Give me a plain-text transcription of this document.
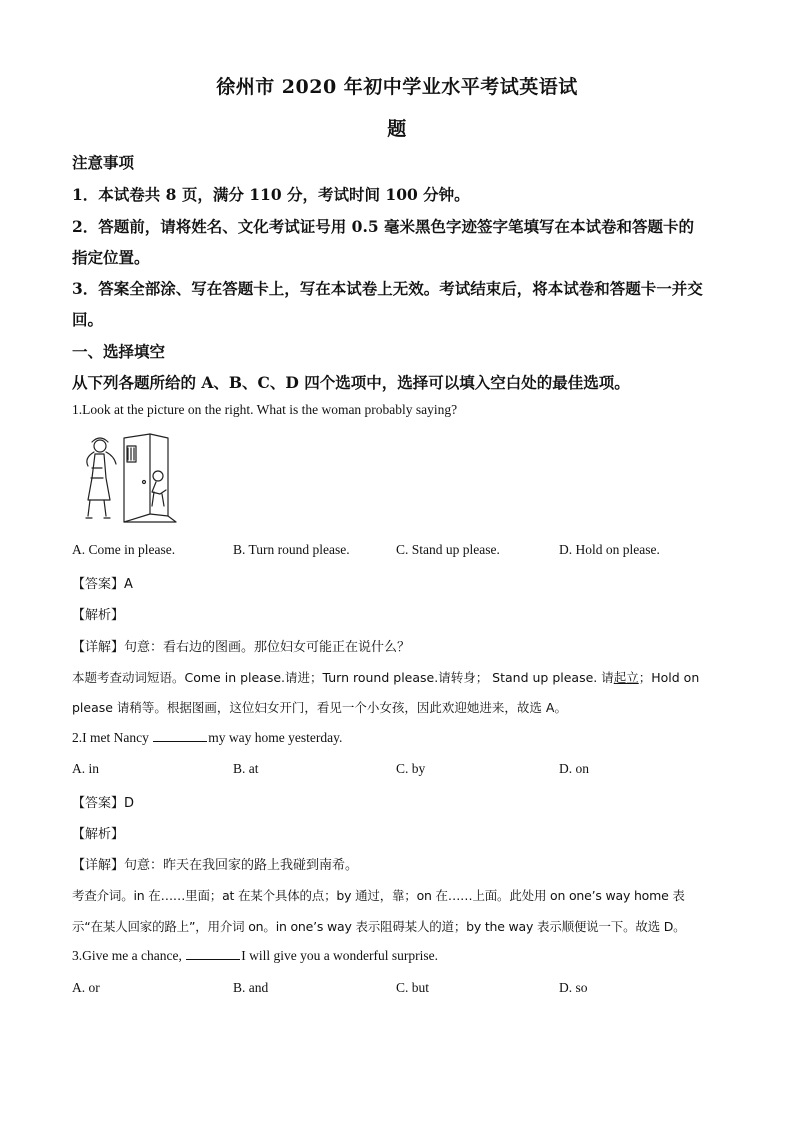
徐州市 2020 年初中学业水平考试英语试
题
注意事项
1．本试卷共 8 页，满分 110 分，考试时间 100 分钟。
2．答题前，请将姓名、文化考试证号用 0.5 毫米黑色字迹签字笔填写在本试卷和答题卡的
指定位置。
3．答案全部涂、写在答题卡上，写在本试卷上无效。考试结束后，将本试卷和答题卡一并交
回。
一、选择填空
从下列各题所给的 A、B、C、D 四个选项中，选择可以填入空白处的最佳选项。
1.Look at the picture on the right. What is the woman probably saying?
A. Come in please.	B. Turn round please.	C. Stand up please.	D. Hold on please.
【答案】A
【解析】
【详解】句意：看右边的图画。那位妇女可能正在说什么？
本题考查动词短语。Come in please.请进；Turn round please.请转身； Stand up please. 请起立；Hold on
please 请稍等。根据图画，这位妇女开门，看见一个小女孩，因此欢迎她进来，故选 A。
2.I met Nancy	my way home yesterday.
A. in	B. at	C. by	D. on
【答案】D
【解析】
【详解】句意：昨天在我回家的路上我碰到南希。
考查介词。in 在……里面；at 在某个具体的点；by 通过，靠；on 在……上面。此处用 on one’s way home 表
示“在某人回家的路上”，用介词 on。in one’s way 表示阻碍某人的道；by the way 表示顺便说一下。故选 D。
3.Give me a chance,	I will give you a wonderful surprise.
A. or	B. and	C. but	D. so
